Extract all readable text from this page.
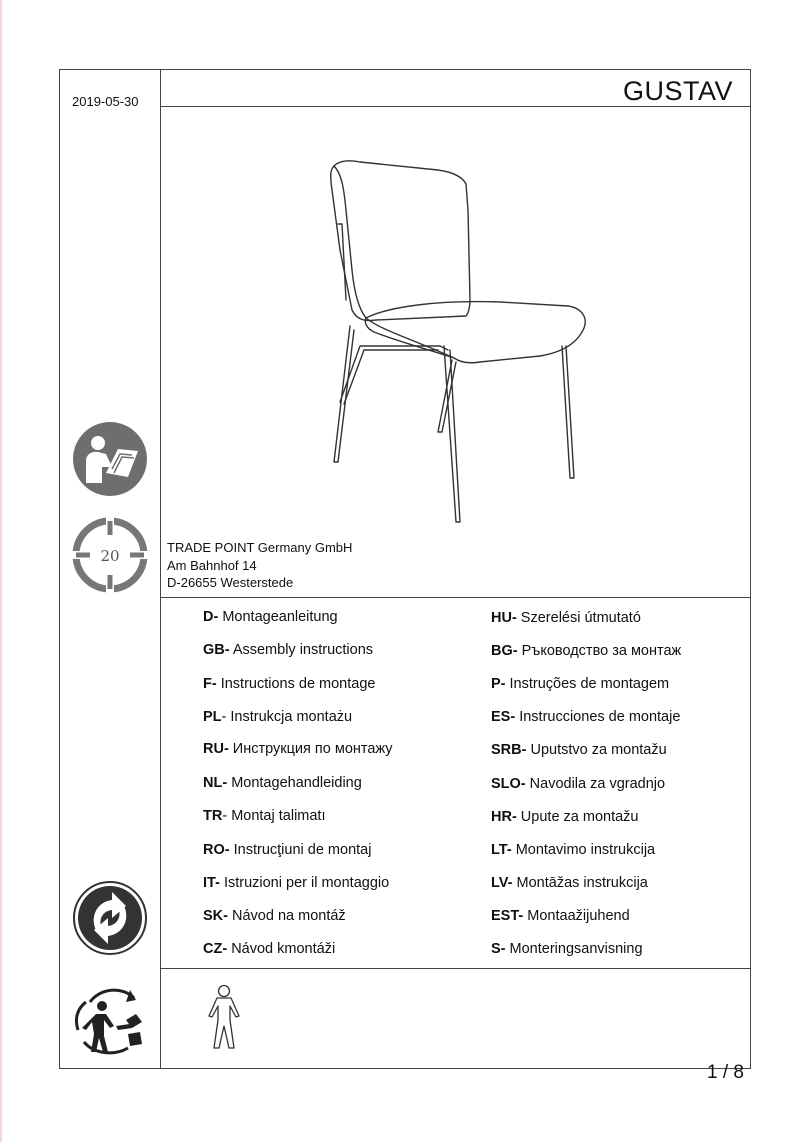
2019-05-30	GUSTAV
20	TRADE POINT Germany GmbH
Am Bahnhof 14
D-26655 Westerstede
D- Montageanleitung
GB- Assembly instructions
F- Instructions de montage
PL- Instrukcja montażu
RU- Инструкция по монтажу
NL- Montagehandleiding
TR- Montaj talimatı
RO- Instrucţiuni de montaj
IT- Istruzioni per il montaggio
SK- Návod na montáž
CZ- Návod kmontáži
HU- Szerelési útmutató
BG- Ръководство за монтаж
P- Instruções de montagem
ES- Instrucciones de montaje
SRB- Uputstvo za montažu
SLO- Navodila za vgradnjo
HR- Upute za montažu
LT- Montavimo instrukcija
LV- Montāžas instrukcija
EST- Montaažijuhend
S- Monteringsanvisning
1 / 8
